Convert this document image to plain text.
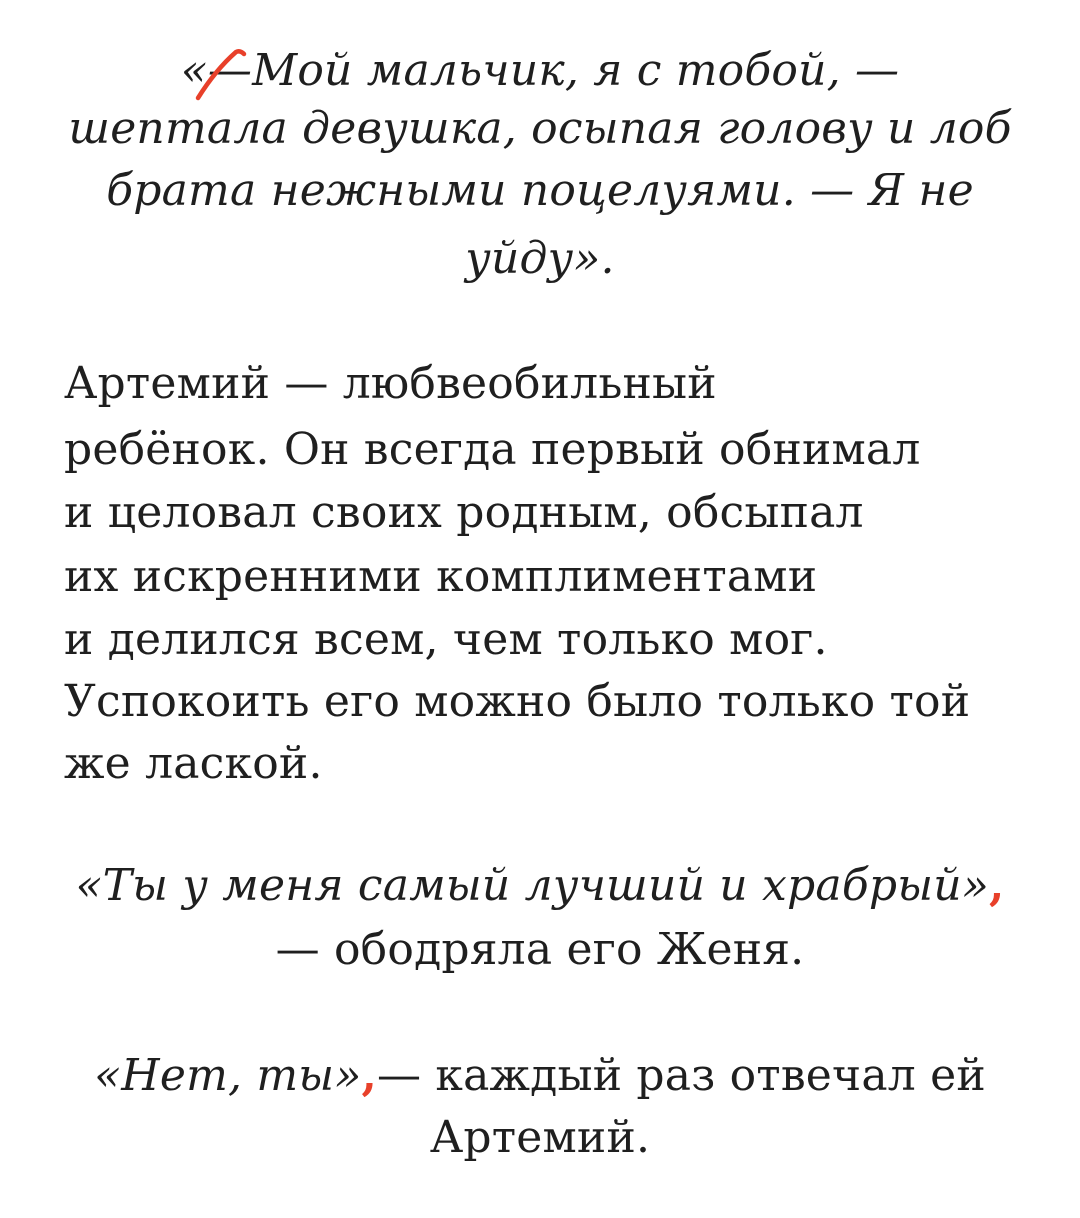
«—Мой мальчик, я с тобой, —
шептала девушка, осыпая голову и лоб
брата нежными поцелуями. — Я не
уйду».
Артемий — любвеобильный
ребёнок. Он всегда первый обнимал
и целовал своих родным, обсыпал
их искренними комплиментами
и делился всем, чем только мог.
Успокоить его можно было только той
же лаской.
«Ты у меня самый лучший и храбрый»,
— ободряла его Женя.
«Нет, ты»,— каждый раз отвечал ей
Артемий.
